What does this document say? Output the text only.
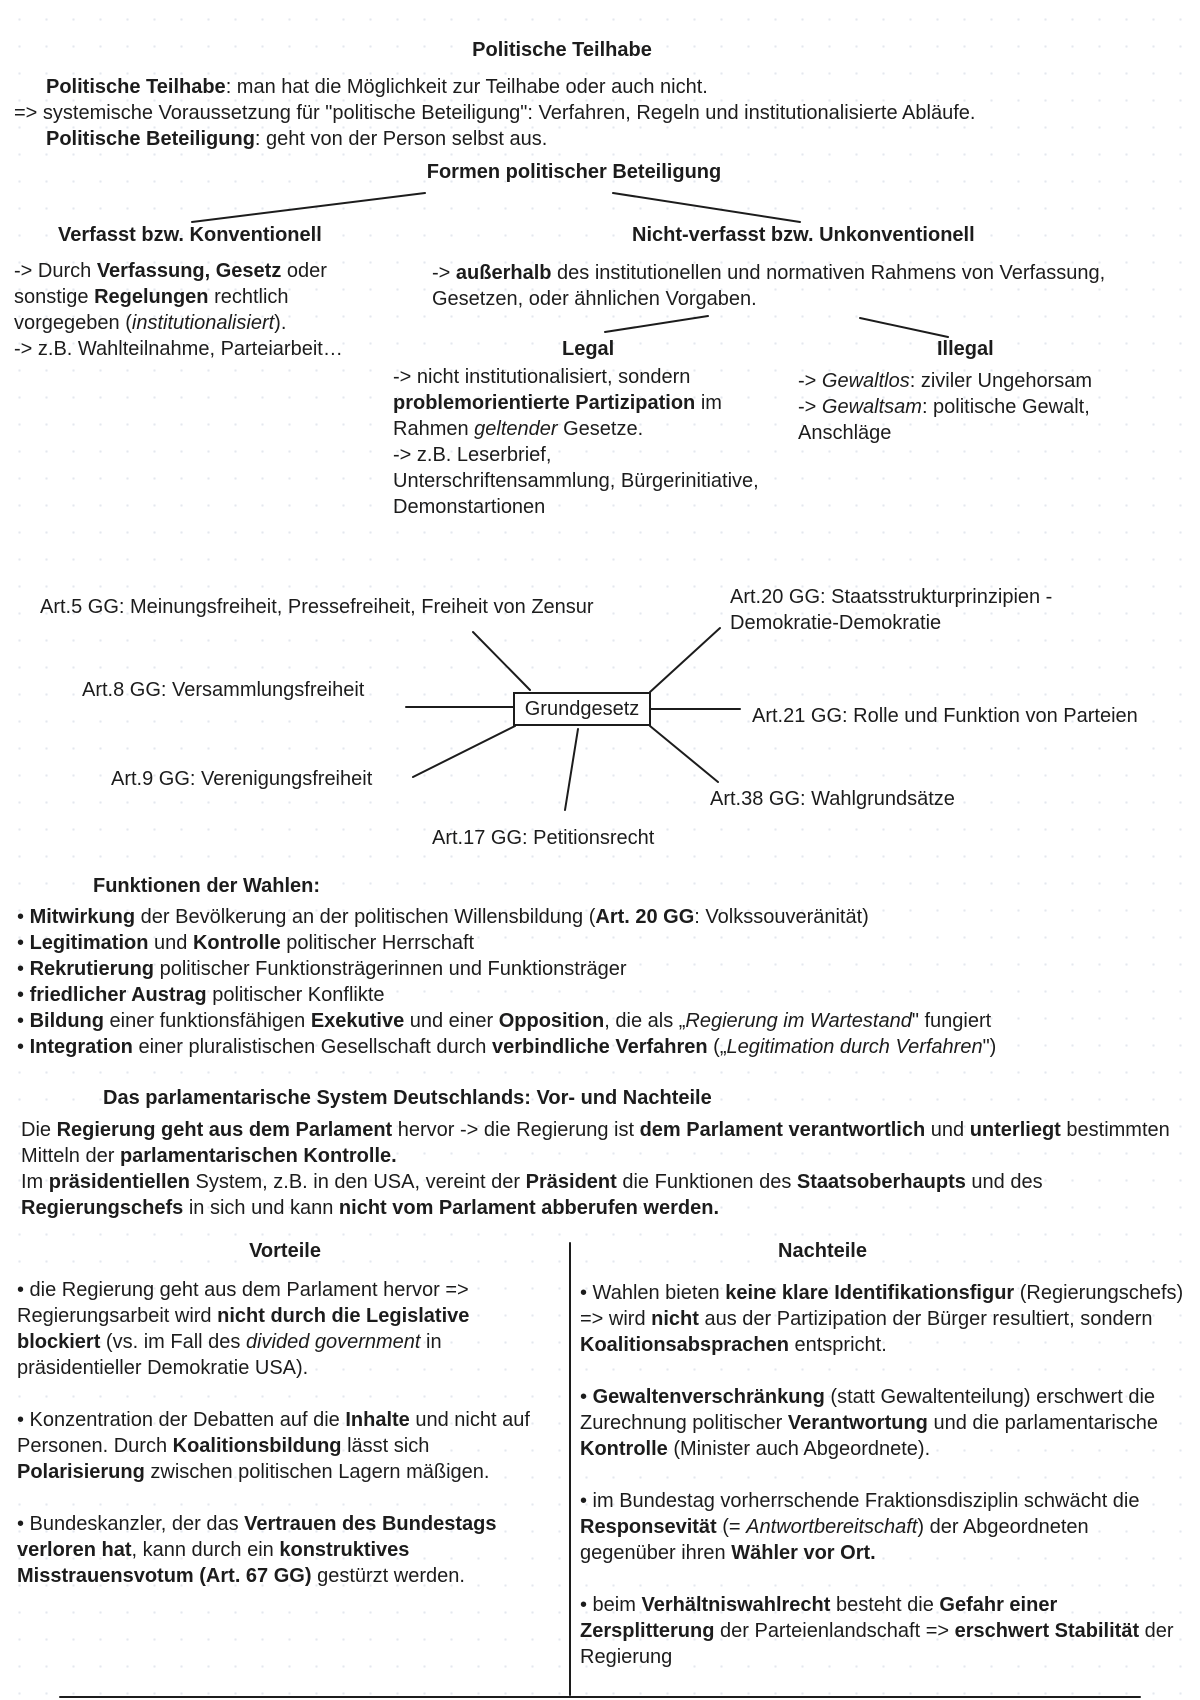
Politische Teilhabe
Politische Teilhabe: man hat die Möglichkeit zur Teilhabe oder auch nicht.
=> systemische Voraussetzung für "politische Beteiligung": Verfahren, Regeln und institutionalisierte Abläufe.
Politische Beteiligung: geht von der Person selbst aus.
Formen politischer Beteiligung
Verfasst bzw. Konventionell
-> Durch Verfassung, Gesetz oder sonstige Regelungen rechtlich vorgegeben (institutionalisiert).
-> z.B. Wahlteilnahme, Parteiarbeit…
Nicht-verfasst bzw. Unkonventionell
-> außerhalb des institutionellen und normativen Rahmens von Verfassung, Gesetzen, oder ähnlichen Vorgaben.
Legal
-> nicht institutionalisiert, sondern problemorientierte Partizipation im Rahmen geltender Gesetze.
-> z.B. Leserbrief, Unterschriftensammlung, Bürgerinitiative, Demonstartionen
Illegal
-> Gewaltlos: ziviler Ungehorsam
-> Gewaltsam: politische Gewalt, Anschläge
Grundgesetz
Art.5 GG: Meinungsfreiheit, Pressefreiheit, Freiheit von Zensur	Art.20 GG: Staatsstrukturprinzipien - Demokratie-Demokratie
Art.8 GG: Versammlungsfreiheit
Art.21 GG: Rolle und Funktion von Parteien
Art.9 GG: Verenigungsfreiheit
Art.38 GG: Wahlgrundsätze
Art.17 GG: Petitionsrecht
Funktionen der Wahlen:
• Mitwirkung der Bevölkerung an der politischen Willensbildung (Art. 20 GG: Volkssouveränität)
• Legitimation und Kontrolle politischer Herrschaft
• Rekrutierung politischer Funktionsträgerinnen und Funktionsträger
• friedlicher Austrag politischer Konflikte
• Bildung einer funktionsfähigen Exekutive und einer Opposition, die als „Regierung im Wartestand" fungiert
• Integration einer pluralistischen Gesellschaft durch verbindliche Verfahren („Legitimation durch Verfahren")
Das parlamentarische System Deutschlands: Vor- und Nachteile
Die Regierung geht aus dem Parlament hervor -> die Regierung ist dem Parlament verantwortlich und unterliegt bestimmten Mitteln der parlamentarischen Kontrolle.
Im präsidentiellen System, z.B. in den USA, vereint der Präsident die Funktionen des Staatsoberhaupts und des Regierungschefs in sich und kann nicht vom Parlament abberufen werden.
Vorteile

• die Regierung geht aus dem Parlament hervor => Regierungsarbeit wird nicht durch die Legislative blockiert (vs. im Fall des divided government in präsidentieller Demokratie USA).

• Konzentration der Debatten auf die Inhalte und nicht auf Personen. Durch Koalitionsbildung lässt sich Polarisierung zwischen politischen Lagern mäßigen.

• Bundeskanzler, der das Vertrauen des Bundestags verloren hat, kann durch ein konstruktives Misstrauensvotum (Art. 67 GG) gestürzt werden.

Nachteile

• Wahlen bieten keine klare Identifikationsfigur (Regierungschefs) => wird nicht aus der Partizipation der Bürger resultiert, sondern Koalitionsabsprachen entspricht.

• Gewaltenverschränkung (statt Gewaltenteilung) erschwert die Zurechnung politischer Verantwortung und die parlamentarische Kontrolle (Minister auch Abgeordnete).

• im Bundestag vorherrschende Fraktionsdisziplin schwächt die Responsevität (= Antwortbereitschaft) der Abgeordneten gegenüber ihren Wähler vor Ort.

• beim Verhältniswahlrecht besteht die Gefahr einer Zersplitterung der Parteienlandschaft => erschwert Stabilität der Regierung
